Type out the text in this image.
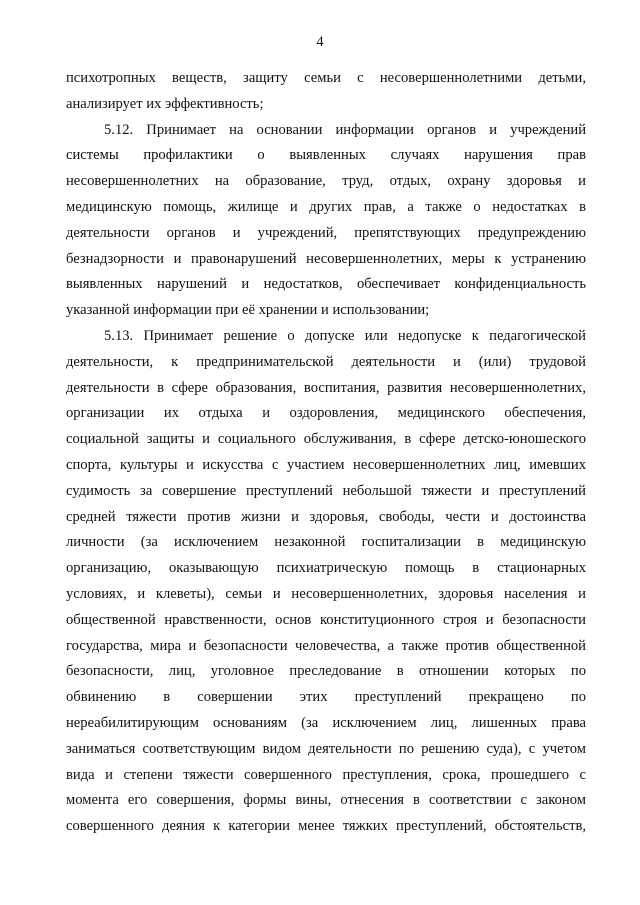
4
психотропных веществ, защиту семьи с несовершеннолетними детьми,
анализирует их эффективность;
5.12. Принимает на основании информации органов и учреждений
системы профилактики о выявленных случаях нарушения прав
несовершеннолетних на образование, труд, отдых, охрану здоровья и
медицинскую помощь, жилище и других прав, а также о недостатках в
деятельности органов и учреждений, препятствующих предупреждению
безнадзорности и правонарушений несовершеннолетних, меры к устранению
выявленных нарушений и недостатков, обеспечивает конфиденциальность
указанной информации при её хранении и использовании;
5.13. Принимает решение о допуске или недопуске к педагогической
деятельности, к предпринимательской деятельности и (или) трудовой
деятельности в сфере образования, воспитания, развития несовершеннолетних,
организации их отдыха и оздоровления, медицинского обеспечения,
социальной защиты и социального обслуживания, в сфере детско-юношеского
спорта, культуры и искусства с участием несовершеннолетних лиц, имевших
судимость за совершение преступлений небольшой тяжести и преступлений
средней тяжести против жизни и здоровья, свободы, чести и достоинства
личности (за исключением незаконной госпитализации в медицинскую
организацию, оказывающую психиатрическую помощь в стационарных
условиях, и клеветы), семьи и несовершеннолетних, здоровья населения и
общественной нравственности, основ конституционного строя и безопасности
государства, мира и безопасности человечества, а также против общественной
безопасности, лиц, уголовное преследование в отношении которых по
обвинению в совершении этих преступлений прекращено по
нереабилитирующим основаниям (за исключением лиц, лишенных права
заниматься соответствующим видом деятельности по решению суда), с учетом
вида и степени тяжести совершенного преступления, срока, прошедшего с
момента его совершения, формы вины, отнесения в соответствии с законом
совершенного деяния к категории менее тяжких преступлений, обстоятельств,
